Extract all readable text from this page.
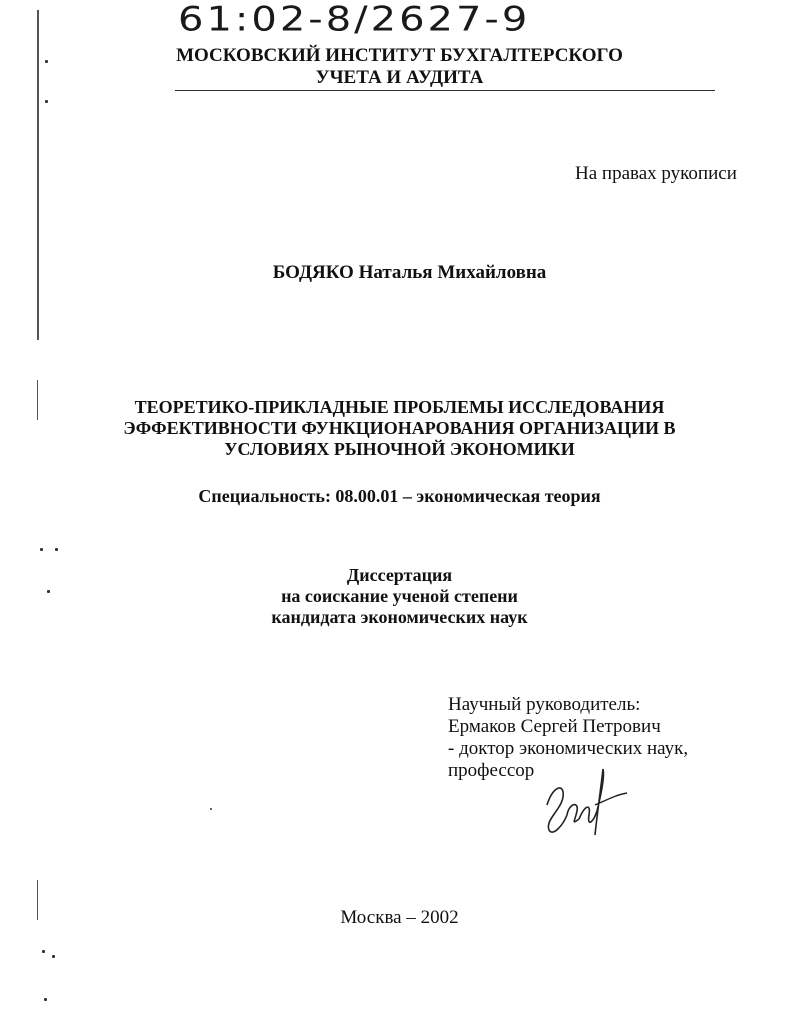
61:02-8/2627-9
МОСКОВСКИЙ ИНСТИТУТ БУХГАЛТЕРСКОГО
УЧЕТА И АУДИТА
На правах рукописи
БОДЯКО Наталья Михайловна
ТЕОРЕТИКО-ПРИКЛАДНЫЕ ПРОБЛЕМЫ ИССЛЕДОВАНИЯ
ЭФФЕКТИВНОСТИ ФУНКЦИОНАРОВАНИЯ ОРГАНИЗАЦИИ В
УСЛОВИЯХ РЫНОЧНОЙ ЭКОНОМИКИ
Специальность: 08.00.01 – экономическая теория
Диссертация
на соискание ученой степени
кандидата экономических наук
Научный руководитель:
Ермаков Сергей Петрович
- доктор экономических наук,
профессор
Москва – 2002
